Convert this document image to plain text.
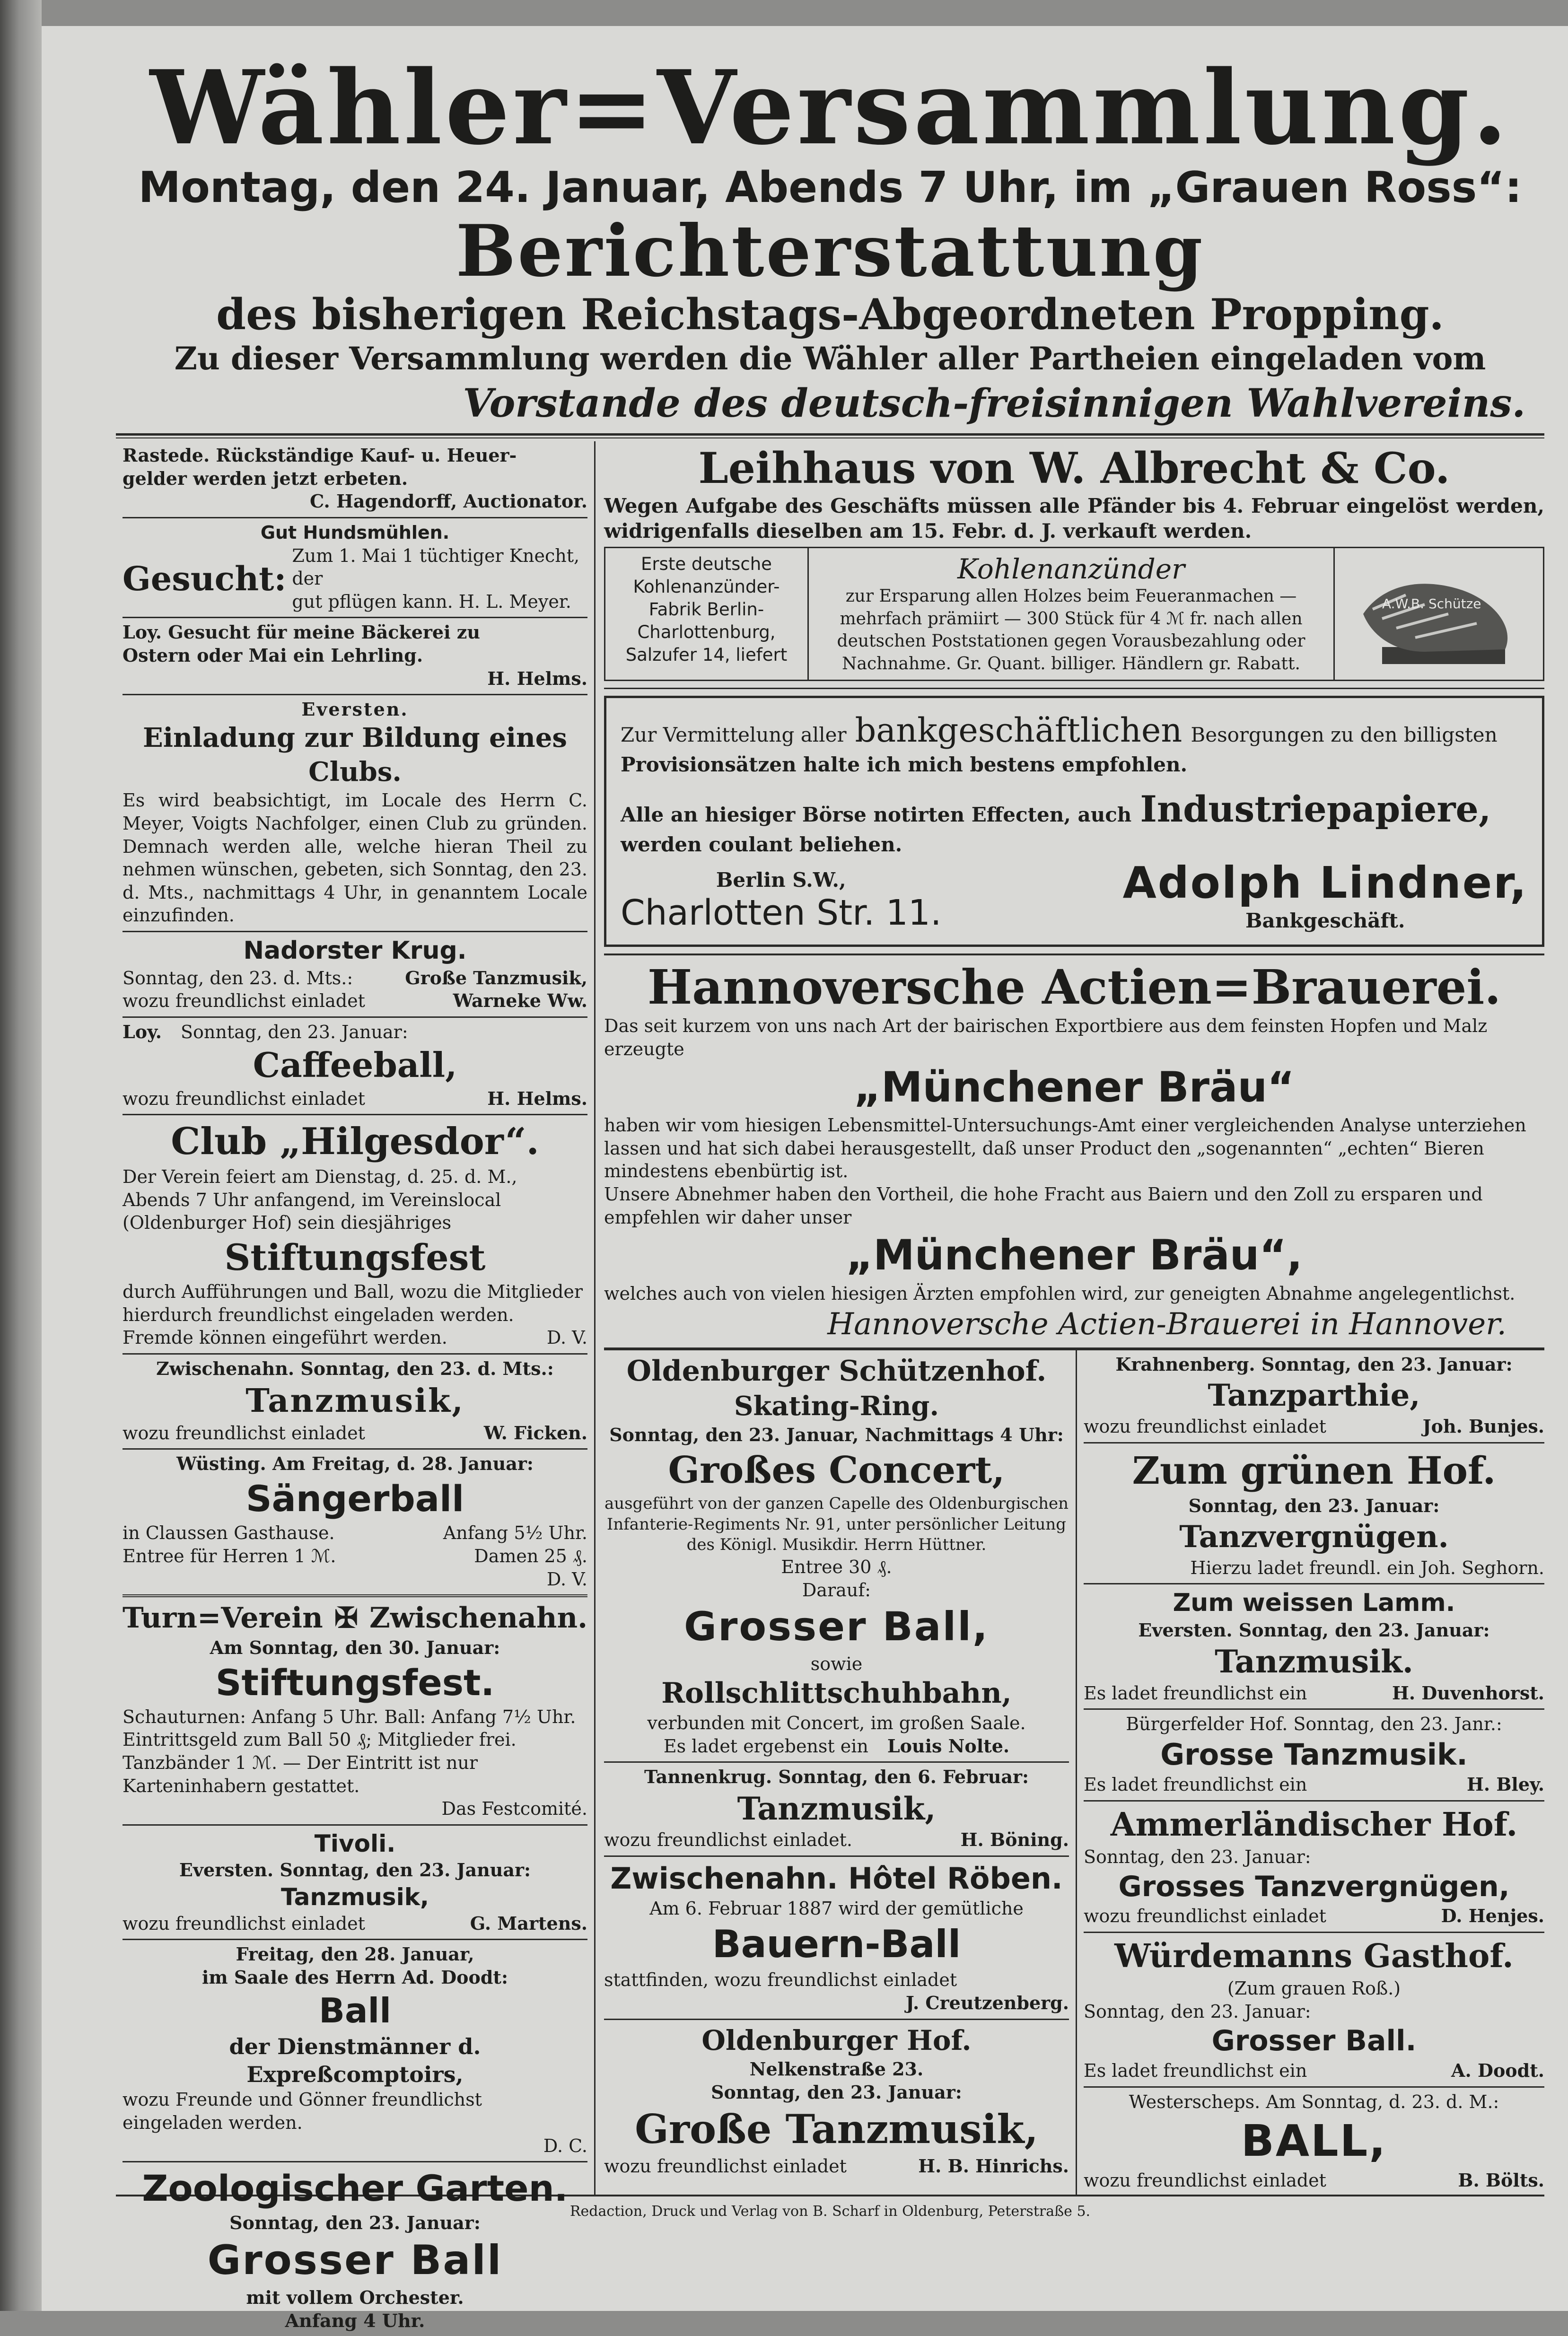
Wähler=Versammlung.
Montag, den 24. Januar, Abends 7 Uhr, im „Grauen Ross“:
Berichterstattung
des bisherigen Reichstags-Abgeordneten Propping.
Zu dieser Versammlung werden die Wähler aller Partheien eingeladen vom
Vorstande des deutsch-freisinnigen Wahlvereins.
Rastede. Rückständige Kauf- u. Heuer-
gelder werden jetzt erbeten.
C. Hagendorff, Auctionator.
Gut Hundsmühlen.
Gesucht:
Zum 1. Mai 1 tüchtiger Knecht, der
gut pflügen kann. H. L. Meyer.
Loy. Gesucht für meine Bäckerei zu
Ostern oder Mai ein Lehrling.
H. Helms.
Eversten.
Einladung zur Bildung eines Clubs.
Es wird beabsichtigt, im Locale des Herrn C. Meyer, Voigts Nachfolger, einen Club zu gründen. Demnach werden alle, welche hieran Theil zu nehmen wünschen, gebeten, sich Sonntag, den 23. d. Mts., nachmittags 4 Uhr, in genanntem Locale einzufinden.
Nadorster Krug.
Sonntag, den 23. d. Mts.:	Große Tanzmusik,
wozu freundlichst einladet	Warneke Ww.
Loy. Sonntag, den 23. Januar:
Caffeeball,
wozu freundlichst einladet	H. Helms.
Club „Hilgesdor“.
Der Verein feiert am Dienstag, d. 25. d. M., Abends 7 Uhr anfangend, im Vereinslocal (Oldenburger Hof) sein diesjähriges
Stiftungsfest
durch Aufführungen und Ball, wozu die Mitglieder hierdurch freundlichst eingeladen werden.
Fremde können eingeführt werden.	D. V.
Zwischenahn. Sonntag, den 23. d. Mts.:
Tanzmusik,
wozu freundlichst einladet	W. Ficken.
Wüsting. Am Freitag, d. 28. Januar:
Sängerball
in Claussen Gasthause.	Anfang 5½ Uhr.
Entree für Herren 1 ℳ.	Damen 25 ₰.
D. V.
Turn=Verein ✠ Zwischenahn.
Am Sonntag, den 30. Januar:
Stiftungsfest.
Schauturnen: Anfang 5 Uhr. Ball: Anfang 7½ Uhr.
Eintrittsgeld zum Ball 50 ₰; Mitglieder frei. Tanzbänder 1 ℳ. — Der Eintritt ist nur Karteninhabern gestattet.
Das Festcomité.
Tivoli.
Eversten. Sonntag, den 23. Januar:
Tanzmusik,
wozu freundlichst einladet	G. Martens.
Freitag, den 28. Januar,
im Saale des Herrn Ad. Doodt:
Ball
der Dienstmänner d. Expreßcomptoirs,
wozu Freunde und Gönner freundlichst eingeladen werden.
D. C.
Zoologischer Garten.
Sonntag, den 23. Januar:
Grosser Ball
mit vollem Orchester.
Anfang 4 Uhr.
Leihhaus von W. Albrecht & Co.
Wegen Aufgabe des Geschäfts müssen alle Pfänder bis 4. Februar eingelöst werden, widrigenfalls dieselben am 15. Febr. d. J. verkauft werden.
Erste deutsche Kohlenanzünder-Fabrik Berlin-Charlottenburg, Salzufer 14, liefert
Kohlenanzünder
zur Ersparung allen Holzes beim Feueranmachen — mehrfach prämiirt — 300 Stück für 4 ℳ fr. nach allen deutschen Poststationen gegen Vorausbezahlung oder Nachnahme. Gr. Quant. billiger. Händlern gr. Rabatt.
A.W.B. Schütze
Zur Vermittelung aller bankgeschäftlichen Besorgungen zu den billigsten
Provisionsätzen halte ich mich bestens empfohlen.
Alle an hiesiger Börse notirten Effecten, auch Industriepapiere,
werden coulant beliehen.
Berlin S.W.,
Charlotten Str. 11.
Adolph Lindner,
Bankgeschäft.
Hannoversche Actien=Brauerei.
Das seit kurzem von uns nach Art der bairischen Exportbiere aus dem feinsten Hopfen und Malz erzeugte
„Münchener Bräu“
haben wir vom hiesigen Lebensmittel-Untersuchungs-Amt einer vergleichenden Analyse unterziehen lassen und hat sich dabei herausgestellt, daß unser Product den „sogenannten“ „echten“ Bieren mindestens ebenbürtig ist.
Unsere Abnehmer haben den Vortheil, die hohe Fracht aus Baiern und den Zoll zu ersparen und empfehlen wir daher unser
„Münchener Bräu“,
welches auch von vielen hiesigen Ärzten empfohlen wird, zur geneigten Abnahme angelegentlichst.
Hannoversche Actien-Brauerei in Hannover.
Oldenburger Schützenhof.
Skating-Ring.
Sonntag, den 23. Januar, Nachmittags 4 Uhr:
Großes Concert,
ausgeführt von der ganzen Capelle des Oldenburgischen Infanterie-Regiments Nr. 91, unter persönlicher Leitung des Königl. Musikdir. Herrn Hüttner.
Entree 30 ₰.
Darauf:
Grosser Ball,
sowie
Rollschlittschuhbahn,
verbunden mit Concert, im großen Saale.
Es ladet ergebenst ein Louis Nolte.
Tannenkrug. Sonntag, den 6. Februar:
Tanzmusik,
wozu freundlichst einladet.	H. Böning.
Zwischenahn. Hôtel Röben.
Am 6. Februar 1887 wird der gemütliche
Bauern-Ball
stattfinden, wozu freundlichst einladet
J. Creutzenberg.
Oldenburger Hof.
Nelkenstraße 23.
Sonntag, den 23. Januar:
Große Tanzmusik,
wozu freundlichst einladet	H. B. Hinrichs.
Krahnenberg. Sonntag, den 23. Januar:
Tanzparthie,
wozu freundlichst einladet	Joh. Bunjes.
Zum grünen Hof.
Sonntag, den 23. Januar:
Tanzvergnügen.
Hierzu ladet freundl. ein Joh. Seghorn.
Zum weissen Lamm.
Eversten. Sonntag, den 23. Januar:
Tanzmusik.
Es ladet freundlichst ein	H. Duvenhorst.
Bürgerfelder Hof. Sonntag, den 23. Janr.:
Grosse Tanzmusik.
Es ladet freundlichst ein	H. Bley.
Ammerländischer Hof.
Sonntag, den 23. Januar:
Grosses Tanzvergnügen,
wozu freundlichst einladet	D. Henjes.
Würdemanns Gasthof.
(Zum grauen Roß.)
Sonntag, den 23. Januar:
Grosser Ball.
Es ladet freundlichst ein	A. Doodt.
Westerscheps. Am Sonntag, d. 23. d. M.:
BALL,
wozu freundlichst einladet	B. Bölts.
Redaction, Druck und Verlag von B. Scharf in Oldenburg, Peterstraße 5.
